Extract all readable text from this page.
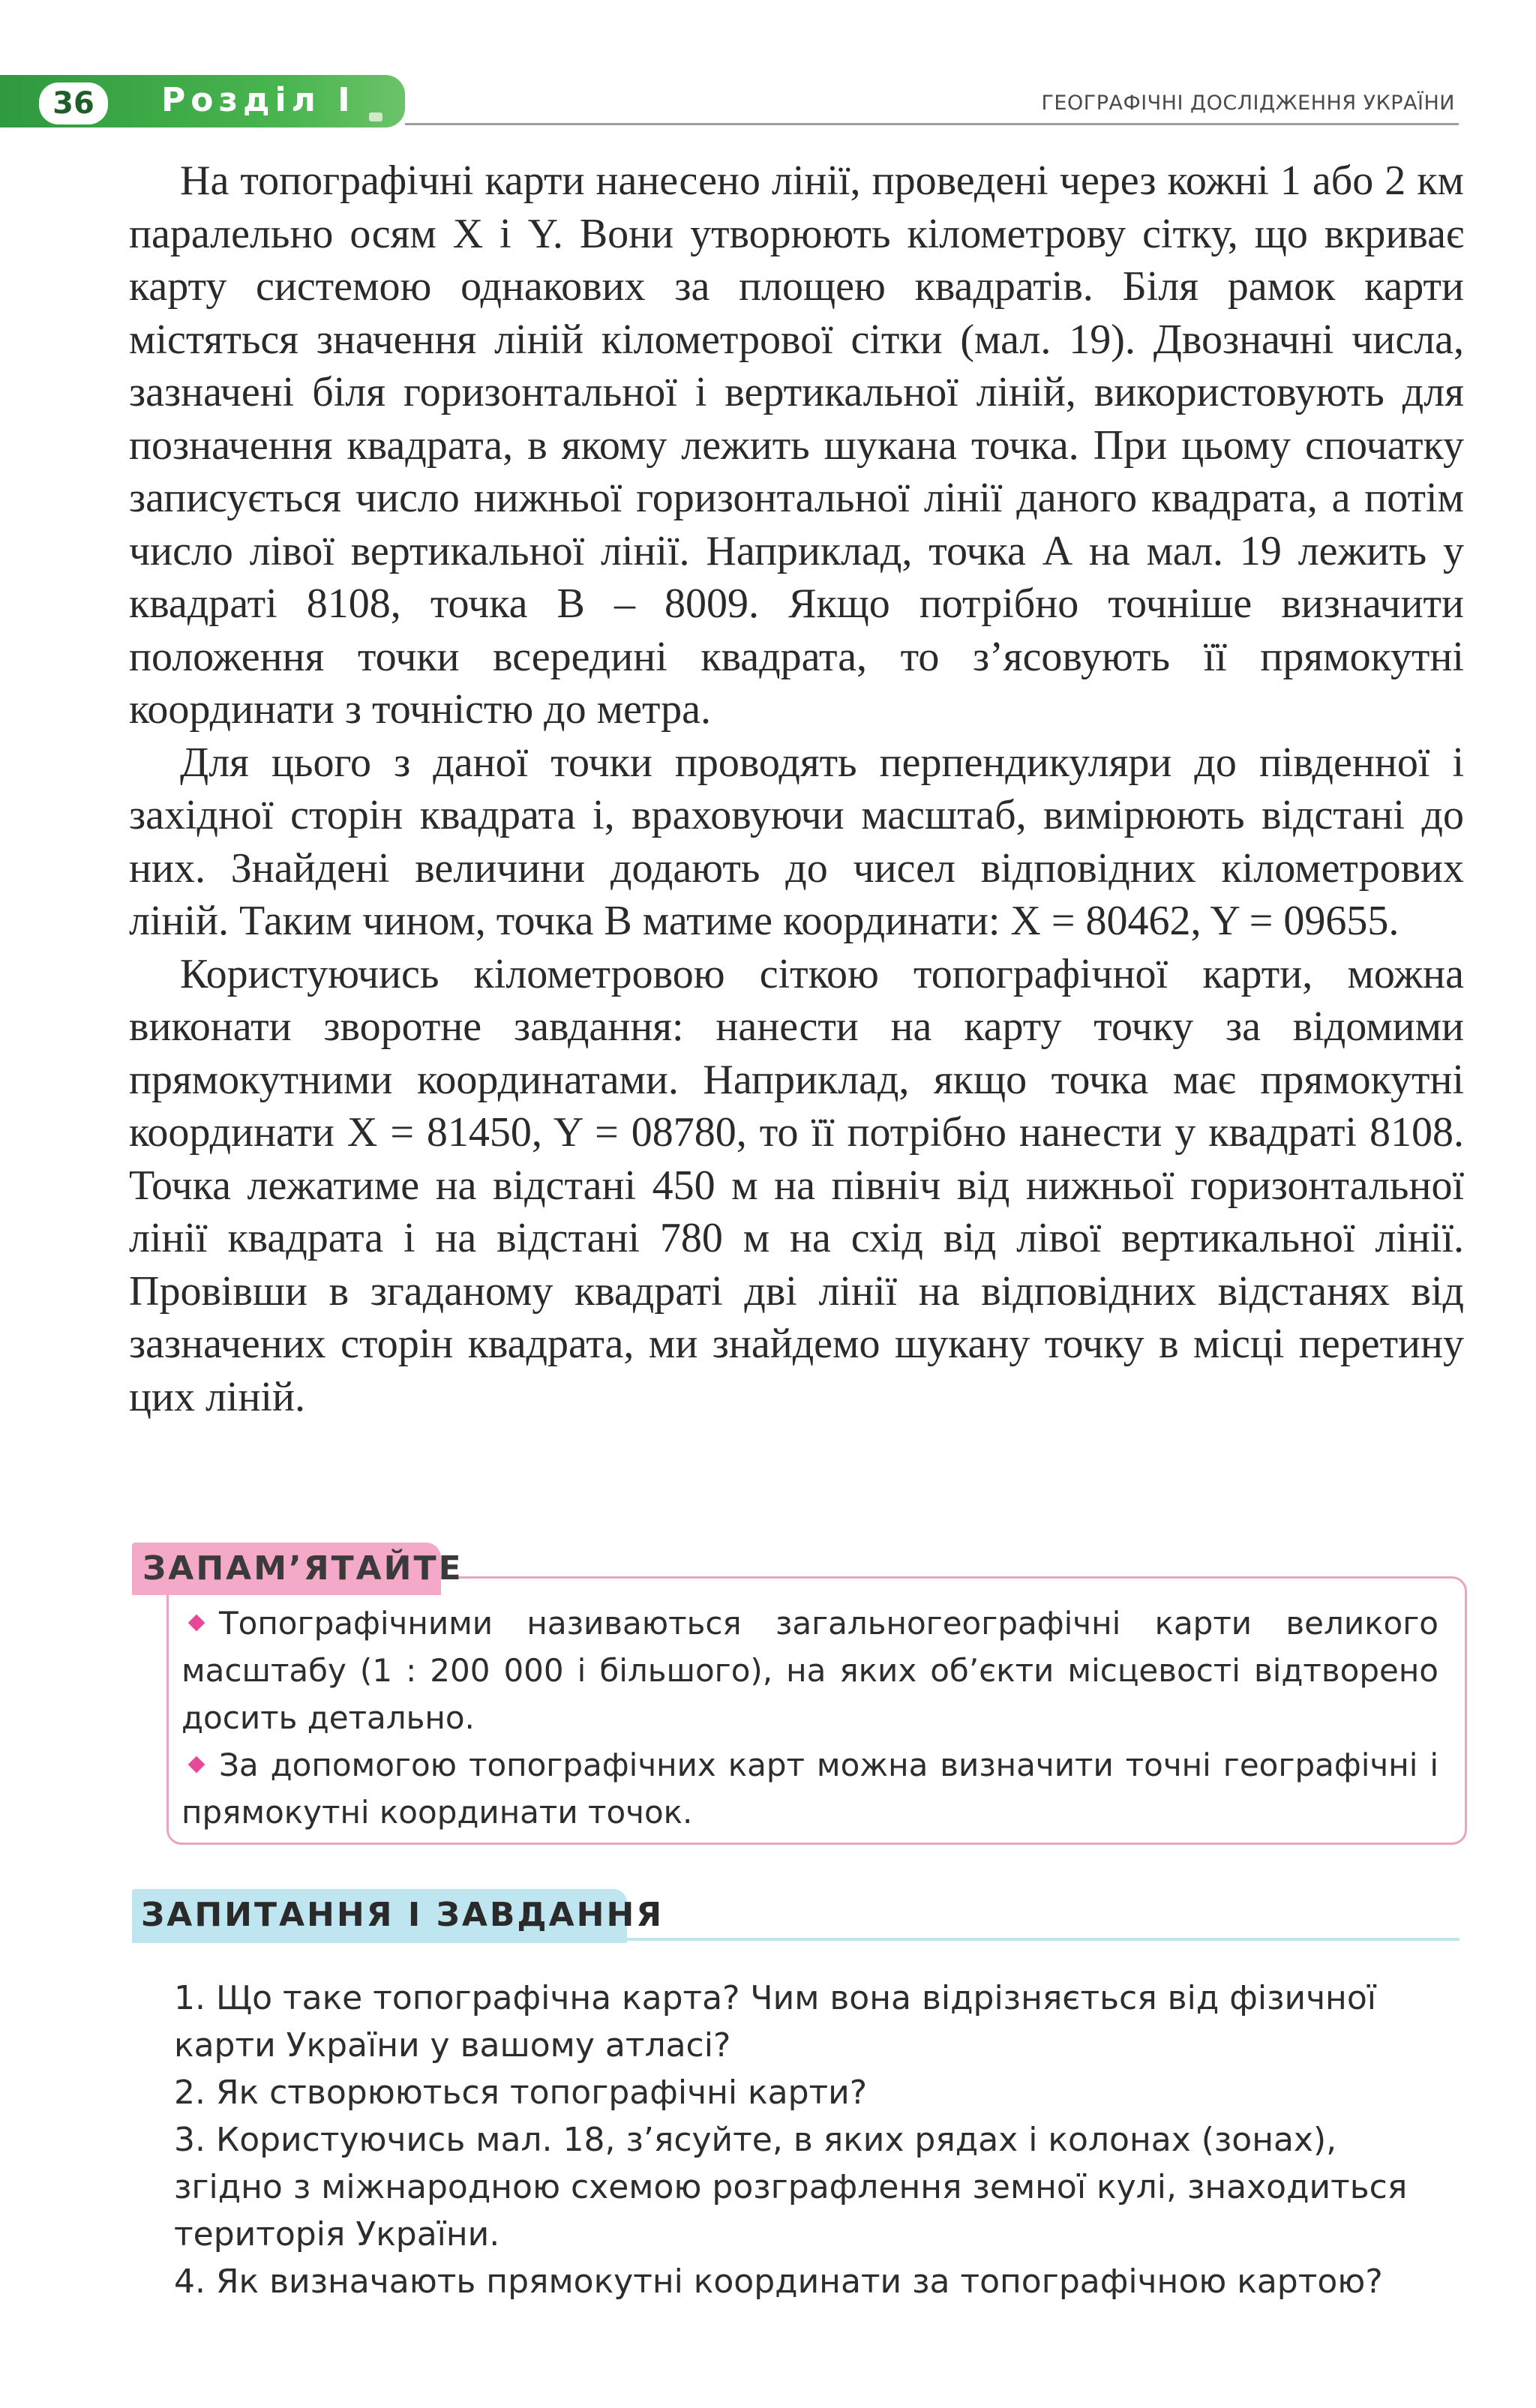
36	Розділ І	ГЕОГРАФІЧНІ ДОСЛІДЖЕННЯ УКРАЇНИ

На топографічні карти нанесено лінії, проведені через кожні 1 або 2 км паралельно осям X і Y. Вони утворюють кілометрову сітку, що вкриває карту системою однакових за площею квадратів. Біля рамок карти містяться значення ліній кілометрової сітки (мал. 19). Двозначні числа, зазначені біля горизонтальної і вертикальної ліній, використовують для позначення квадрата, в якому лежить шукана точка. При цьому спочатку записується число нижньої горизонтальної лінії даного квадрата, а потім число лівої вертикальної лінії. Наприклад, точка А на мал. 19 лежить у квадраті 8108, точка В – 8009. Якщо потрібно точніше визначити положення точки всередині квадрата, то з’ясовують її прямокутні координати з точністю до метра.

Для цього з даної точки проводять перпендикуляри до південної і західної сторін квадрата і, враховуючи масштаб, вимірюють відстані до них. Знайдені величини додають до чисел відповідних кілометрових ліній. Таким чином, точка В матиме координати: X = 80462, Y = 09655.

Користуючись кілометровою сіткою топографічної карти, можна виконати зворотне завдання: нанести на карту точку за відомими прямокутними координатами. Наприклад, якщо точка має прямокутні координати X = 81450, Y = 08780, то її потрібно нанести у квадраті 8108. Точка лежатиме на відстані 450 м на північ від нижньої горизонтальної лінії квадрата і на відстані 780 м на схід від лівої вертикальної лінії. Провівши в згаданому квадраті дві лінії на відповідних відстанях від зазначених сторін квадрата, ми знайдемо шукану точку в місці перетину цих ліній.

ЗАПАМ’ЯТАЙТЕ

Топографічними називаються загальногеографічні карти великого масштабу (1 : 200 000 і більшого), на яких об’єкти місцевості відтворено досить детально.

За допомогою топографічних карт можна визначити точні географічні і прямокутні координати точок.

ЗАПИТАННЯ І ЗАВДАННЯ

1. Що таке топографічна карта? Чим вона відрізняється від фізичної карти України у вашому атласі?

2. Як створюються топографічні карти?

3. Користуючись мал. 18, з’ясуйте, в яких рядах і колонах (зонах), згідно з міжнародною схемою розграфлення земної кулі, знаходиться територія України.

4. Як визначають прямокутні координати за топографічною картою?
